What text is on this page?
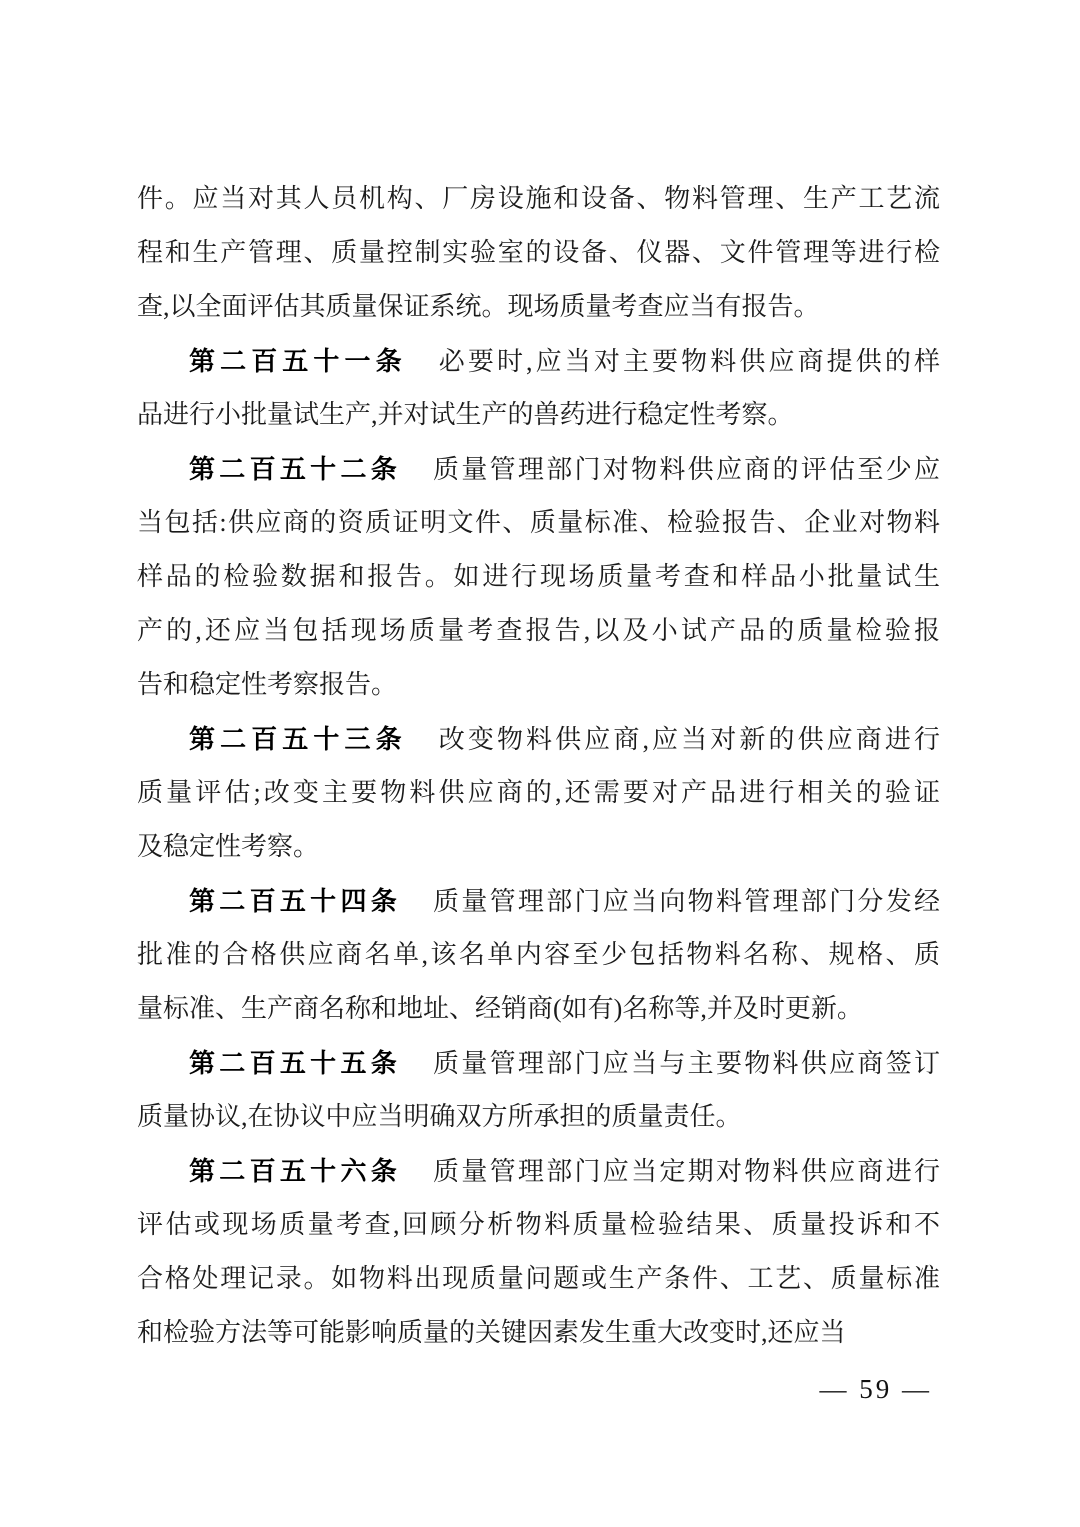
件。应当对其人员机构、厂房设施和设备、物料管理、生产工艺流
程和生产管理、质量控制实验室的设备、仪器、文件管理等进行检
查,以全面评估其质量保证系统。现场质量考查应当有报告。
第二百五十一条 必要时,应当对主要物料供应商提供的样
品进行小批量试生产,并对试生产的兽药进行稳定性考察。
第二百五十二条 质量管理部门对物料供应商的评估至少应
当包括:供应商的资质证明文件、质量标准、检验报告、企业对物料
样品的检验数据和报告。如进行现场质量考查和样品小批量试生
产的,还应当包括现场质量考查报告,以及小试产品的质量检验报
告和稳定性考察报告。
第二百五十三条 改变物料供应商,应当对新的供应商进行
质量评估;改变主要物料供应商的,还需要对产品进行相关的验证
及稳定性考察。
第二百五十四条 质量管理部门应当向物料管理部门分发经
批准的合格供应商名单,该名单内容至少包括物料名称、规格、质
量标准、生产商名称和地址、经销商(如有)名称等,并及时更新。
第二百五十五条 质量管理部门应当与主要物料供应商签订
质量协议,在协议中应当明确双方所承担的质量责任。
第二百五十六条 质量管理部门应当定期对物料供应商进行
评估或现场质量考查,回顾分析物料质量检验结果、质量投诉和不
合格处理记录。如物料出现质量问题或生产条件、工艺、质量标准
和检验方法等可能影响质量的关键因素发生重大改变时,还应当
— 59 —
